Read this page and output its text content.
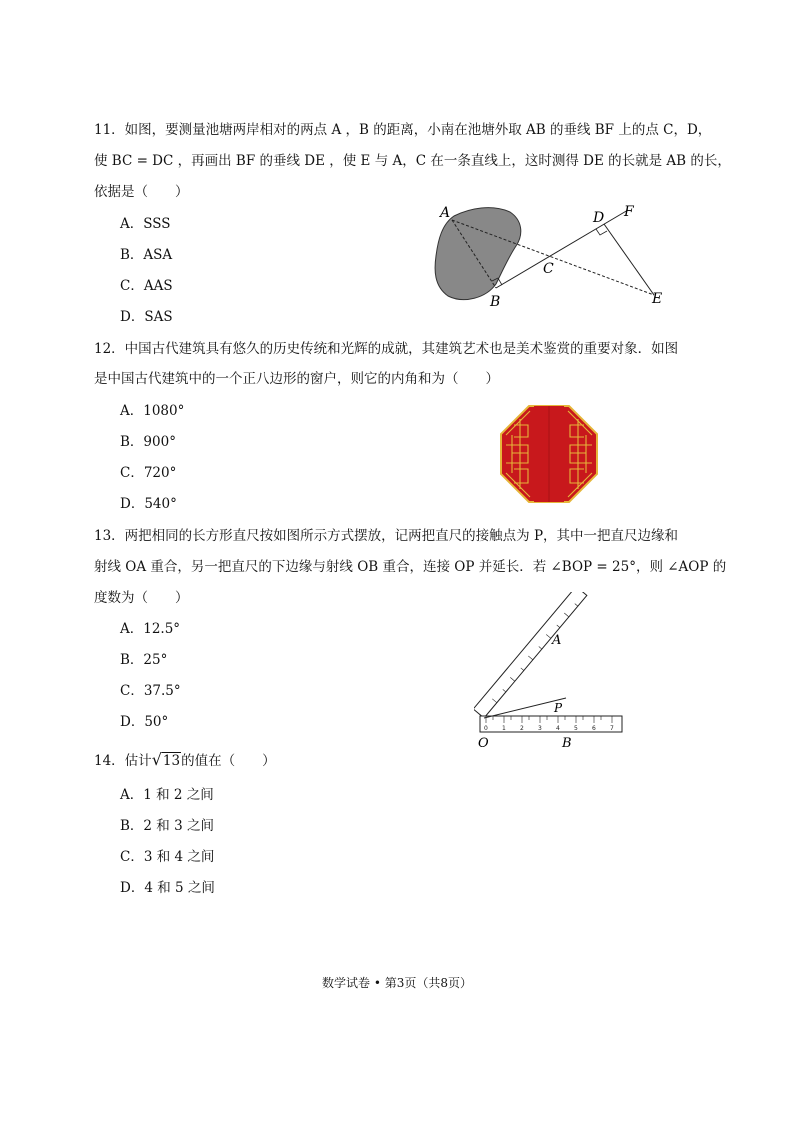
11．如图，要测量池塘两岸相对的两点 A ，B 的距离，小南在池塘外取 AB 的垂线 BF 上的点 C，D，
使 BC = DC ，再画出 BF 的垂线 DE ，使 E 与 A，C 在一条直线上，这时测得 DE 的长就是 AB 的长，
依据是（　　）
A．SSS
B．ASA
C．AAS
D．SAS
A
B
C
D
E
F
12．中国古代建筑具有悠久的历史传统和光辉的成就，其建筑艺术也是美术鉴赏的重要对象．如图
是中国古代建筑中的一个正八边形的窗户，则它的内角和为（　　）
A．1080°
B．900°
C．720°
D．540°
13．两把相同的长方形直尺按如图所示方式摆放，记两把直尺的接触点为 P，其中一把直尺边缘和
射线 OA 重合，另一把直尺的下边缘与射线 OB 重合，连接 OP 并延长．若 ∠BOP = 25°，则 ∠AOP 的
度数为（　　）
A．12.5°
B．25°
C．37.5°
D．50°	0 1 2 3 4 5 6 7
O	B
A
P
14．估计√13的值在（　　）
A．1 和 2 之间
B．2 和 3 之间
C．3 和 4 之间
D．4 和 5 之间
数学试卷 • 第3页（共8页）
